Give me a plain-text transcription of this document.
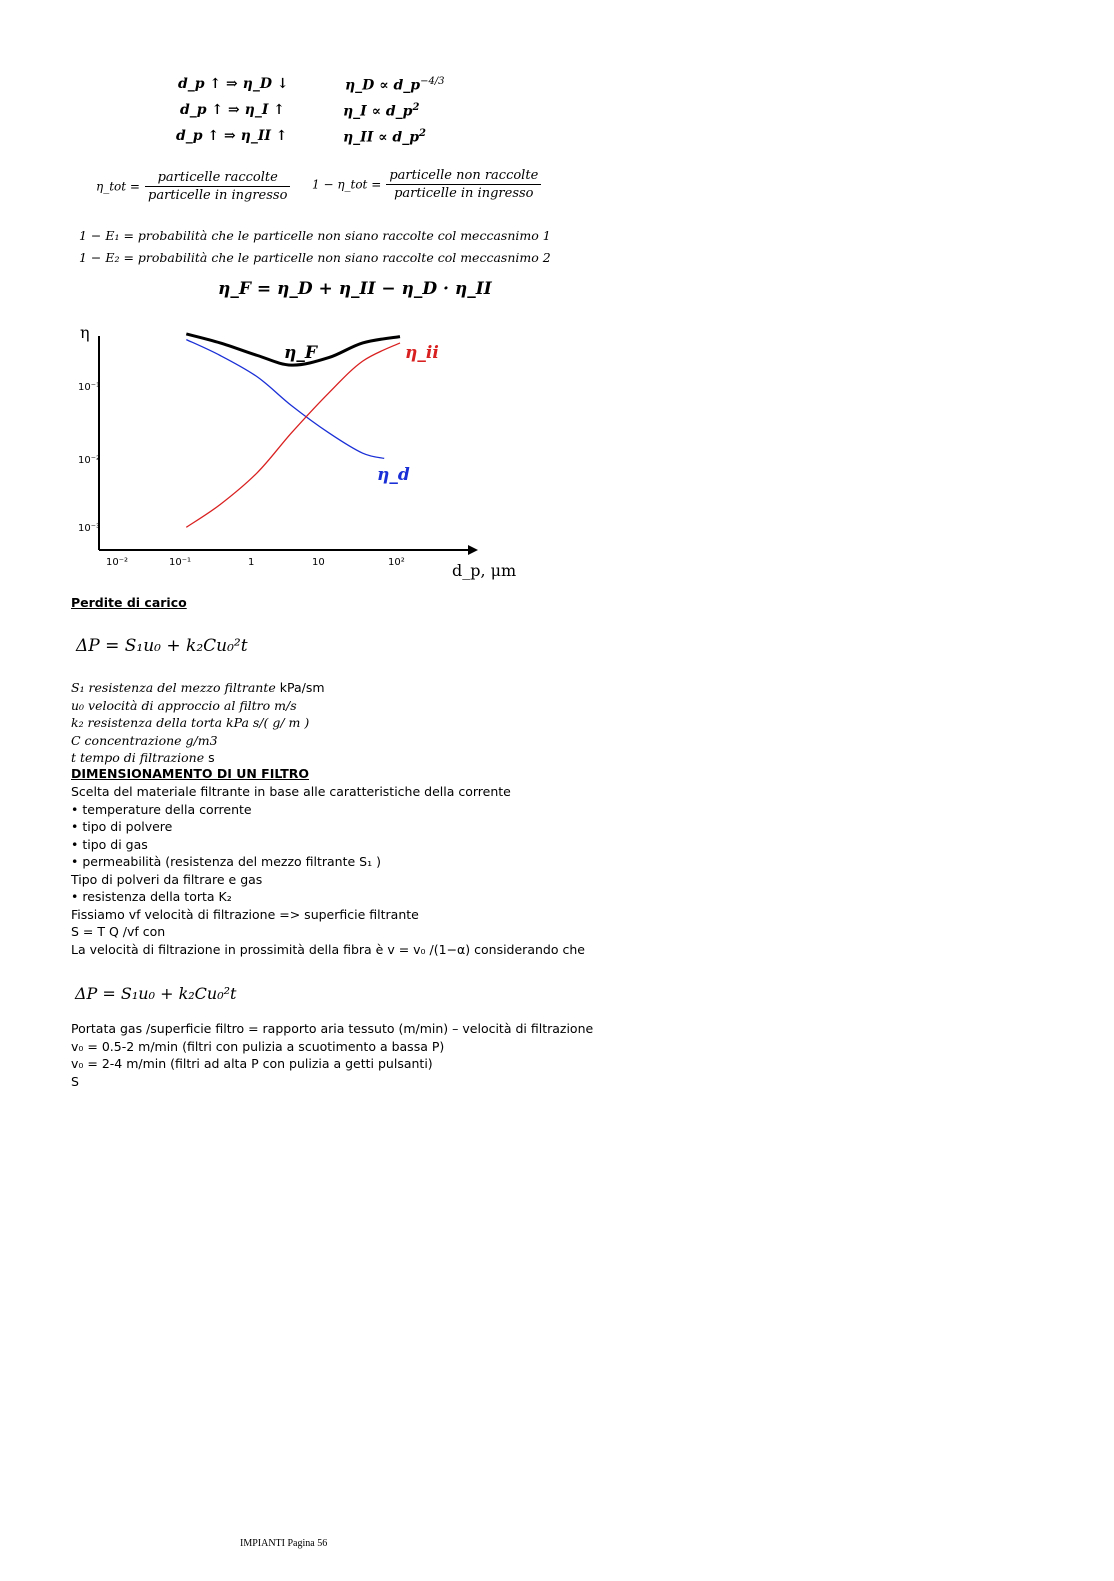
d_p ↑ ⇒ η_D ↓	η_D ∝ $d\_p^{-4/3}$
d_p ↑ ⇒ η_I ↑	η_I ∝ $d\_p^2$
d_p ↑ ⇒ η_II ↑	η_II ∝ $d\_p^2$
η_tot = $\frac{\text{particelle raccolte}}{\text{particelle in ingresso}} 1$ − η_tot = $\frac{\text{particelle non raccolte}}{\text{particelle in ingresso}}$
1 − E₁ = probabilità che le particelle non siano raccolte col meccasnimo 1
1 − E₂ = probabilità che le particelle non siano raccolte col meccasnimo 2
η_F = η_D + η_II − η_D · η_II
η
d_p, μm
10⁻¹
10⁻²
10⁻³
10⁻²	10⁻¹	1	10	10²
η_F
η_d
η_ii
Perdite di carico
ΔP = S₁u₀ + k₂Cu₀²t
S₁ resistenza del mezzo filtrante kPa/sm
u₀ velocità di approccio al filtro m/s
k₂ resistenza della torta kPa s/( g/ m )
C concentrazione g/m3
t tempo di filtrazione s
DIMENSIONAMENTO DI UN FILTRO
Scelta del materiale filtrante in base alle caratteristiche della corrente
• temperature della corrente
• tipo di polvere
• tipo di gas
• permeabilità (resistenza del mezzo filtrante S₁ )
Tipo di polveri da filtrare e gas
• resistenza della torta K₂
Fissiamo vf velocità di filtrazione => superficie filtrante
S = T Q /vf con
La velocità di filtrazione in prossimità della fibra è v = v₀ /(1−α) considerando che
ΔP = S₁u₀ + k₂Cu₀²t
Portata gas /superficie filtro = rapporto aria tessuto (m/min) – velocità di filtrazione
v₀ = 0.5-2 m/min (filtri con pulizia a scuotimento a bassa P)
v₀ = 2-4 m/min (filtri ad alta P con pulizia a getti pulsanti)
S
IMPIANTI Pagina 56
